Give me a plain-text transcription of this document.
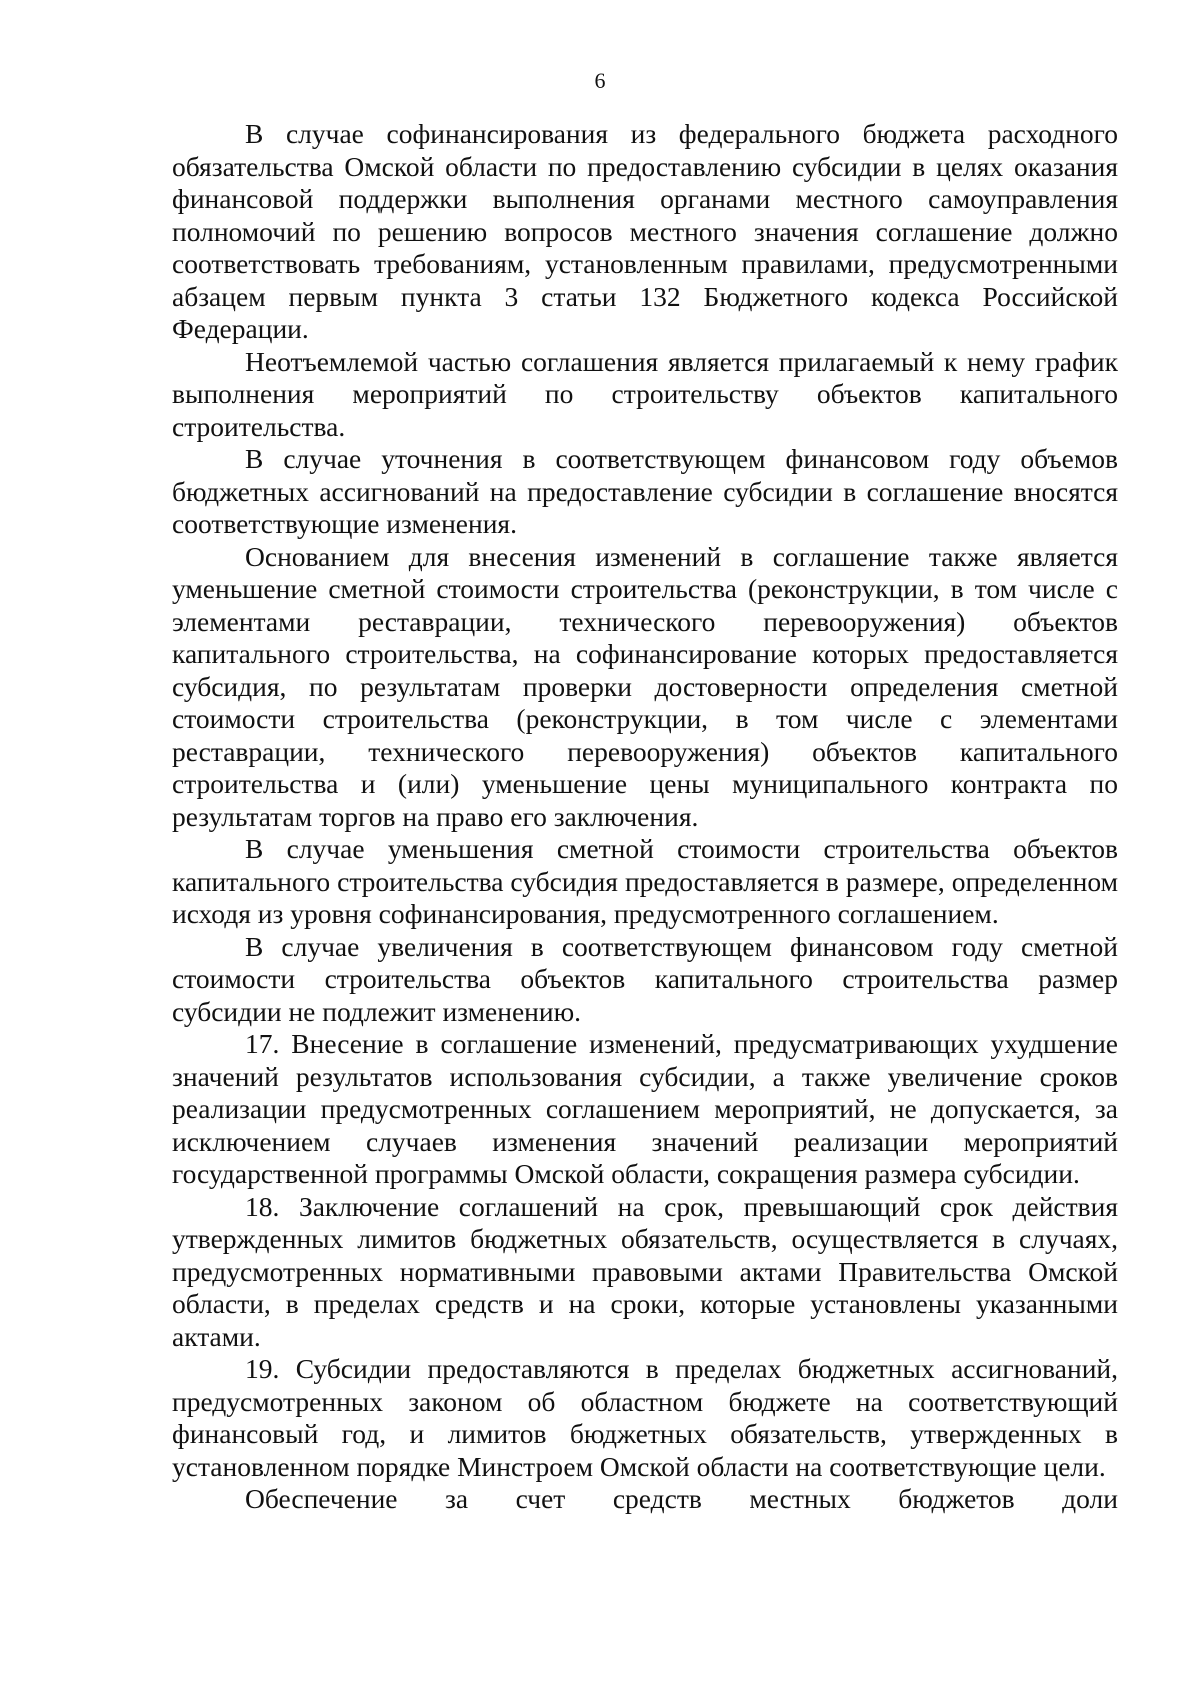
6

В случае софинансирования из федерального бюджета расходного обязательства Омской области по предоставлению субсидии в целях оказания финансовой поддержки выполнения органами местного самоуправления полномочий по решению вопросов местного значения соглашение должно соответствовать требованиям, установленным правилами, предусмотренными абзацем первым пункта 3 статьи 132 Бюджетного кодекса Российской Федерации.

Неотъемлемой частью соглашения является прилагаемый к нему график выполнения мероприятий по строительству объектов капитального строительства.

В случае уточнения в соответствующем финансовом году объемов бюджетных ассигнований на предоставление субсидии в соглашение вносятся соответствующие изменения.

Основанием для внесения изменений в соглашение также является уменьшение сметной стоимости строительства (реконструкции, в том числе с элементами реставрации, технического перевооружения) объектов капитального строительства, на софинансирование которых предоставляется субсидия, по результатам проверки достоверности определения сметной стоимости строительства (реконструкции, в том числе с элементами реставрации, технического перевооружения) объектов капитального строительства и (или) уменьшение цены муниципального контракта по результатам торгов на право его заключения.

В случае уменьшения сметной стоимости строительства объектов капитального строительства субсидия предоставляется в размере, определенном исходя из уровня софинансирования, предусмотренного соглашением.

В случае увеличения в соответствующем финансовом году сметной стоимости строительства объектов капитального строительства размер субсидии не подлежит изменению.

17. Внесение в соглашение изменений, предусматривающих ухудшение значений результатов использования субсидии, а также увеличение сроков реализации предусмотренных соглашением мероприятий, не допускается, за исключением случаев изменения значений реализации мероприятий государственной программы Омской области, сокращения размера субсидии.

18. Заключение соглашений на срок, превышающий срок действия утвержденных лимитов бюджетных обязательств, осуществляется в случаях, предусмотренных нормативными правовыми актами Правительства Омской области, в пределах средств и на сроки, которые установлены указанными актами.

19. Субсидии предоставляются в пределах бюджетных ассигнований, предусмотренных законом об областном бюджете на соответствующий финансовый год, и лимитов бюджетных обязательств, утвержденных в установленном порядке Минстроем Омской области на соответствующие цели.

Обеспечение за счет средств местных бюджетов доли
